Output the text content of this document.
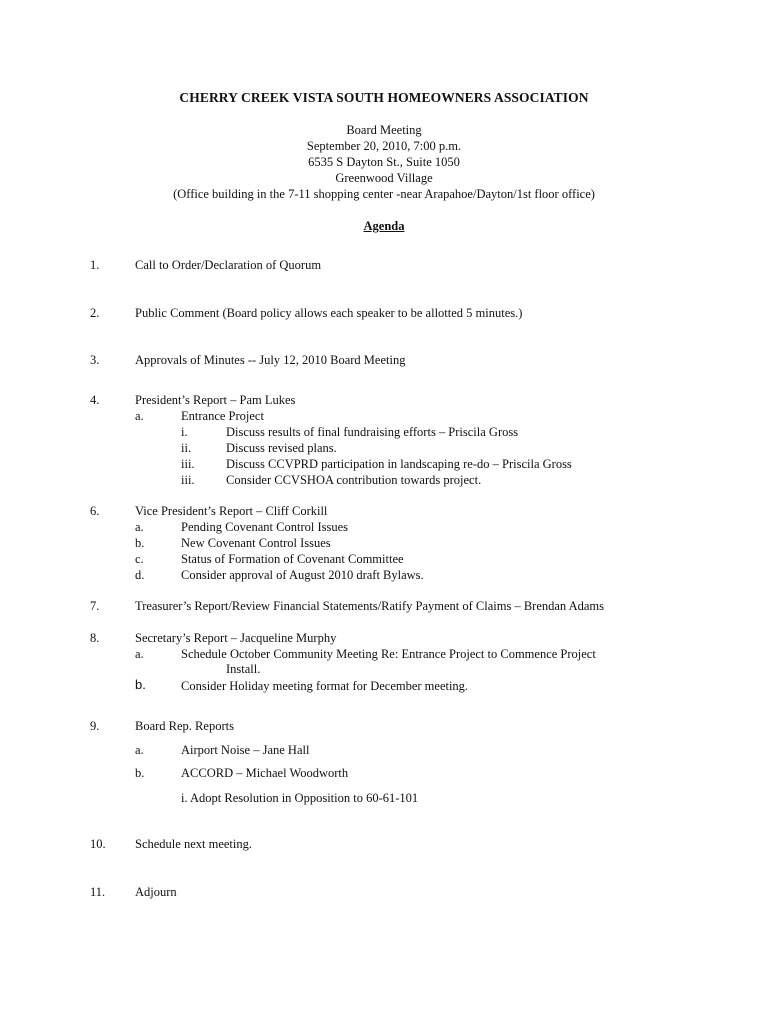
CHERRY CREEK VISTA SOUTH HOMEOWNERS ASSOCIATION
Board Meeting
September 20, 2010, 7:00 p.m.
6535 S Dayton St., Suite 1050
Greenwood Village
(Office building in the 7-11 shopping center -near Arapahoe/Dayton/1st floor office)
Agenda
1.	Call to Order/Declaration of Quorum
2.	Public Comment (Board policy allows each speaker to be allotted 5 minutes.)
3.	Approvals of Minutes -- July 12, 2010 Board Meeting
4.	President’s Report – Pam Lukes
a.	Entrance Project
i.	Discuss results of final fundraising efforts – Priscila Gross
ii.	Discuss revised plans.
iii.	Discuss CCVPRD participation in landscaping re-do – Priscila Gross
iii.	Consider CCVSHOA contribution towards project.
6.	Vice President’s Report – Cliff Corkill
a.	Pending Covenant Control Issues
b.	New Covenant Control Issues
c.	Status of Formation of Covenant Committee
d.	Consider approval of August 2010 draft Bylaws.
7.	Treasurer’s Report/Review Financial Statements/Ratify Payment of Claims – Brendan Adams
8.	Secretary’s Report – Jacqueline Murphy
a.	Schedule October Community Meeting Re: Entrance Project to Commence Project
Install.
b.	Consider Holiday meeting format for December meeting.
9.	Board Rep. Reports
a.	Airport Noise – Jane Hall
b.	ACCORD – Michael Woodworth
i. Adopt Resolution in Opposition to 60-61-101
10. Schedule next meeting.
11. Adjourn
